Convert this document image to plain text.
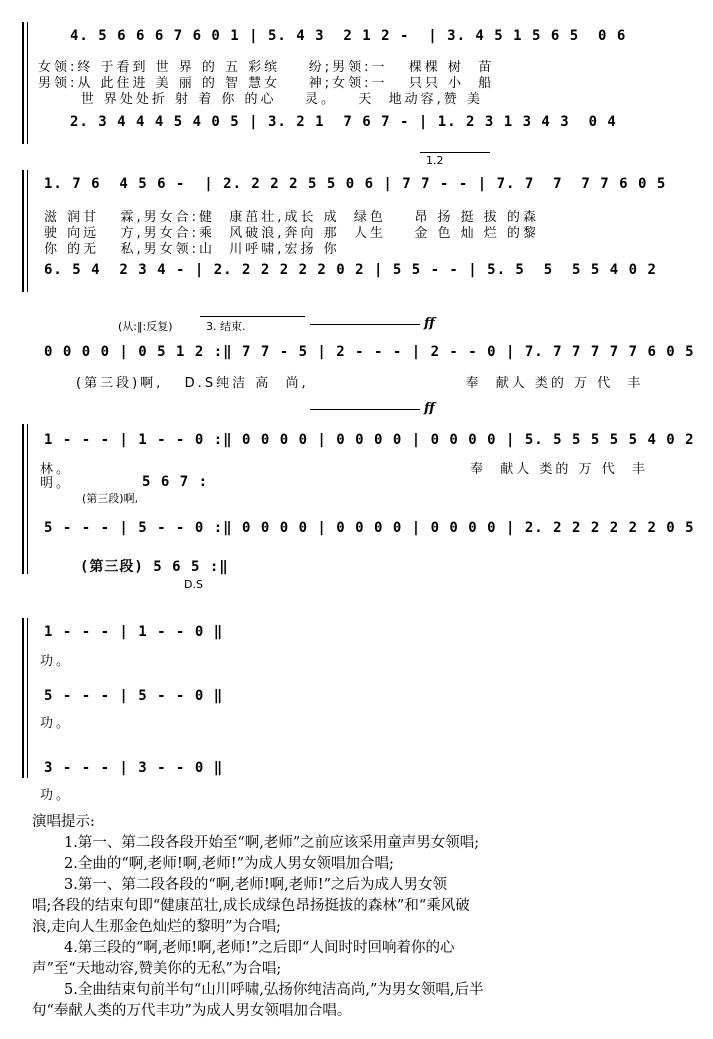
4. 5 6 6 6 7 6 0 1 | 5. 4 3  2 1 2 -  | 3. 4 5 1 5 6 5  0 6
女领:终 于看到 世 界 的 五 彩缤    纷;男领:一   棵棵 树  苗
男领:从 此住进 美 丽 的 智 慧女    神;女领:一   只只 小  船
世 界处处折 射 着 你 的心    灵。   天  地动容,赞 美
2. 3 4 4 4 5 4 0 5 | 3. 2 1  7 6 7 - | 1. 2 3 1 3 4 3  0 4
1.2
1. 7 6  4 5 6 -  | 2. 2 2 2 5 5 0 6 | 7 7 - - | 7. 7  7  7 7 6 0 5
滋 润甘   霖,男女合:健  康茁壮,成长 成  绿色    昂 扬 挺 拔 的森
驶 向远   方,男女合:乘  风破浪,奔向 那  人生    金 色 灿 烂 的黎
你 的无   私,男女领:山  川呼啸,宏扬 你
6. 5 4  2 3 4 - | 2. 2 2 2 2 2 0 2 | 5 5 - - | 5. 5  5  5 5 4 0 2
(从:‖:反复)	3. 结束.	ff
0 0 0 0 | 0 5 1 2 :‖ 7 7 - 5 | 2 - - - | 2 - - 0 | 7. 7 7 7 7 7 6 0 5
(第三段)啊,   D.S纯洁 高  尚,                      奉  献人 类的 万 代  丰
ff
1 - - - | 1 - - 0 :‖ 0 0 0 0 | 0 0 0 0 | 0 0 0 0 | 5. 5 5 5 5 5 4 0 2
林。	奉  献人 类的 万 代  丰
明。	5 6 7 :
(第三段)啊,
5 - - - | 5 - - 0 :‖ 0 0 0 0 | 0 0 0 0 | 0 0 0 0 | 2. 2 2 2 2 2 2 0 5
(第三段) 5 6 5 :‖
D.S
1 - - - | 1 - - 0 ‖
功。
5 - - - | 5 - - 0 ‖
功。
3 - - - | 3 - - 0 ‖
功。
演唱提示:
1.第一、第二段各段开始至“啊,老师”之前应该采用童声男女领唱;
2.全曲的“啊,老师!啊,老师!”为成人男女领唱加合唱;
3.第一、第二段各段的“啊,老师!啊,老师!”之后为成人男女领
唱;各段的结束句即“健康茁壮,成长成绿色昂扬挺拔的森林”和“乘风破
浪,走向人生那金色灿烂的黎明”为合唱;
4.第三段的“啊,老师!啊,老师!”之后即“人间时时回响着你的心
声”至“天地动容,赞美你的无私”为合唱;
5.全曲结束句前半句“山川呼啸,弘扬你纯洁高尚,”为男女领唱,后半
句“奉献人类的万代丰功”为成人男女领唱加合唱。
